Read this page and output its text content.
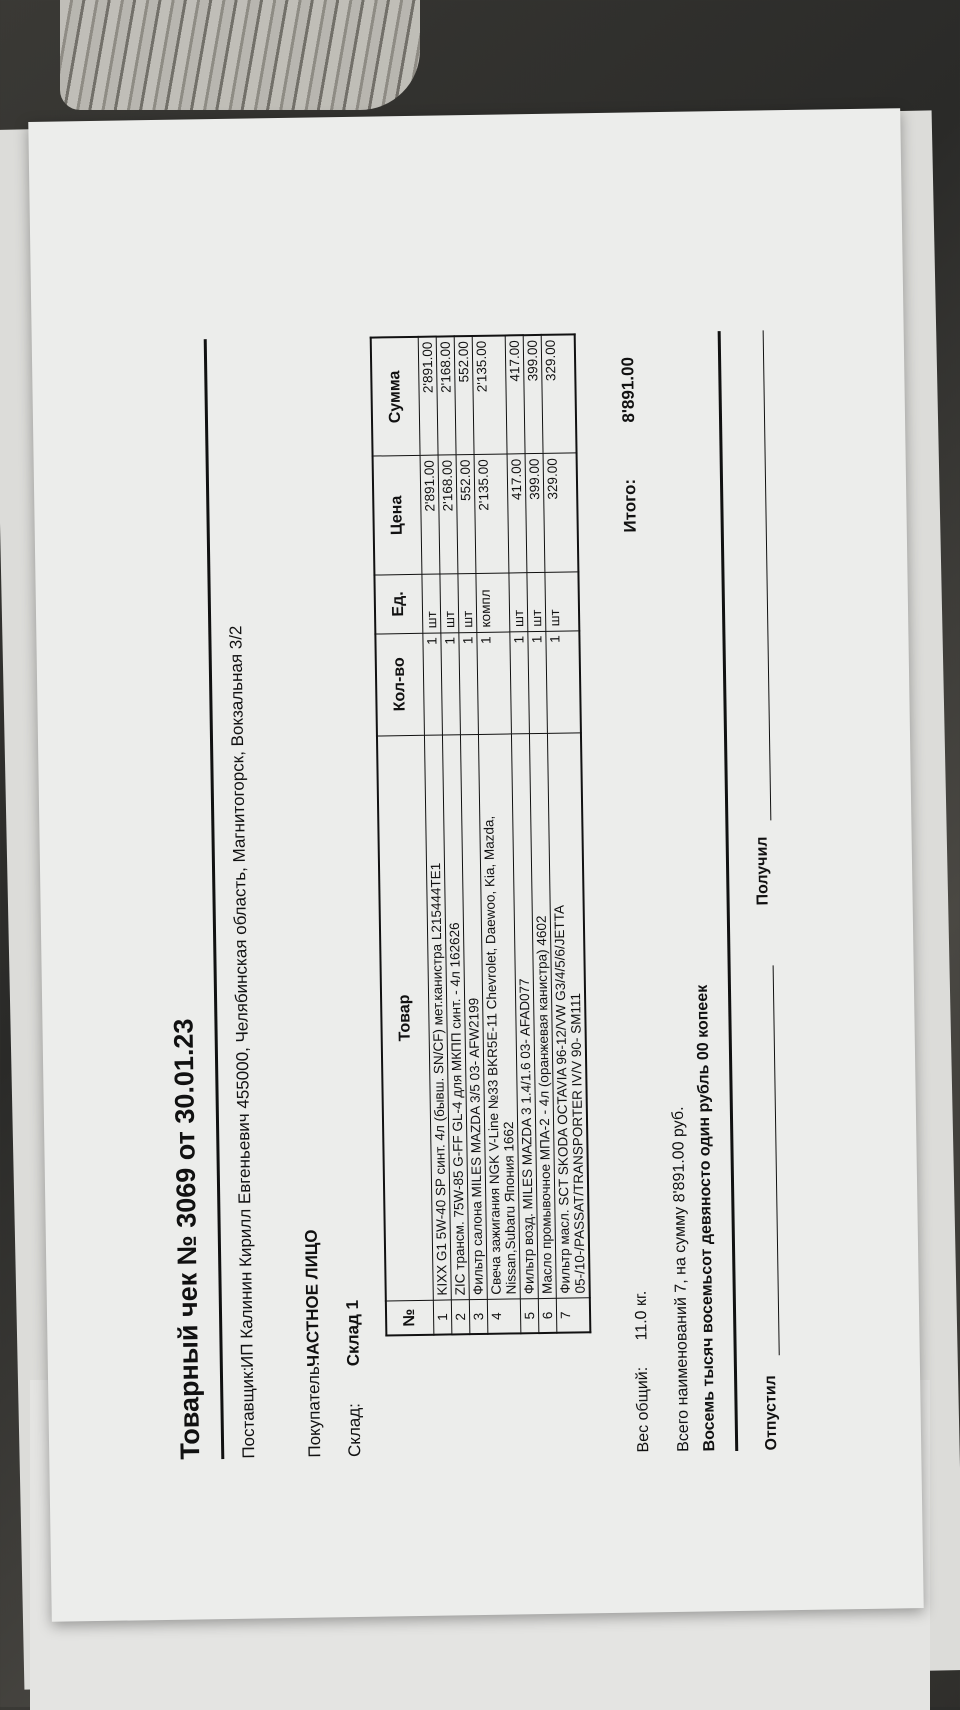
Товарный чек № 3069 от 30.01.23	Поставщик: ИП Калинин Кирилл Евгеньевич 455000, Челябинская область, Магнитогорск, Вокзальная 3/2
Покупатель: ЧАСТНОЕ ЛИЦО
Склад: Склад 1 №	Товар	Кол-во	Ед.	Цена	Сумма
1	KIXX G1 5W-40 SP синт. 4л (бывш. SN/CF) мет.канистра L215444TE1	1	шт	2'891.00	2'891.00
2	ZIC трансм. 75W-85 G-FF GL-4 для МКПП синт. - 4л 162626	1	шт	2'168.00	2'168.00
3	Фильтр салона MILES MAZDA 3/5 03- AFW2199	1	шт	552.00	552.00
4	Свеча зажигания NGK V-Line №33 BKR5E-11 Chevrolet, Daewoo, Kia, Mazda, Nissan,Subaru Япония 1662	1	компл	2'135.00	2'135.00
5	Фильтр возд. MILES MAZDA 3 1.4/1.6 03- AFAD077	1	шт	417.00	417.00
6	Масло промывочное МПА-2 - 4л (оранжевая канистра) 4602	1	шт	399.00	399.00
7	Фильтр масл. SCT SKODA OCTAVIA 96-12/VW G3/4/5/6/JETTA 05-/10-/PASSAT/TRANSPORTER IV/V 90- SM111	1	шт	329.00	329.00
Итого:
8'891.00
Вес общий: 11.0 кг. Всего наименований 7, на сумму 8'891.00 руб. Восемь тысяч восемьсот девяносто один рубль 00 копеек	Отпустил
Получил
